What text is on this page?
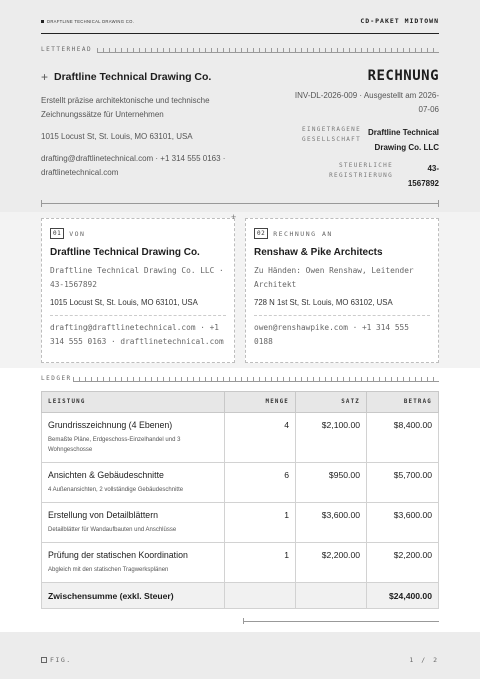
DRAFTLINE TECHNICAL DRAWING CO.	CD-PAKET MIDTOWN
LETTERHEAD
+ Draftline Technical Drawing Co.
Erstellt präzise architektonische und technische Zeichnungssätze für Unternehmen
1015 Locust St, St. Louis, MO 63101, USA
drafting@draftlinetechnical.com · +1 314 555 0163 · draftlinetechnical.com
RECHNUNG
INV-DL-2026-009 · Ausgestellt am 2026-07-06
EINGETRAGENE GESELLSCHAFT
Draftline Technical Drawing Co. LLC
STEUERLICHE REGISTRIERUNG
43-1567892
01	VON
Draftline Technical Drawing Co.
Draftline Technical Drawing Co. LLC · 43-1567892
1015 Locust St, St. Louis, MO 63101, USA
drafting@draftlinetechnical.com · +1 314 555 0163 · draftlinetechnical.com
02	RECHNUNG AN
Renshaw & Pike Architects
Zu Händen: Owen Renshaw, Leitender Architekt
728 N 1st St, St. Louis, MO 63102, USA
owen@renshawpike.com · +1 314 555 0188
+
LEDGER
LEISTUNG	MENGE	SATZ	BETRAG
Grundrisszeichnung (4 Ebenen)
Bemaßte Pläne, Erdgeschoss-Einzelhandel und 3 Wohngeschosse	4	$2,100.00	$8,400.00
Ansichten & Gebäudeschnitte
4 Außenansichten, 2 vollständige Gebäudeschnitte	6	$950.00	$5,700.00
Erstellung von Detailblättern
Detailblätter für Wandaufbauten und Anschlüsse	1	$3,600.00	$3,600.00
Prüfung der statischen Koordination
Abgleich mit den statischen Tragwerksplänen	1	$2,200.00	$2,200.00
Zwischensumme (exkl. Steuer)			$24,400.00
FIG.	1 / 2
